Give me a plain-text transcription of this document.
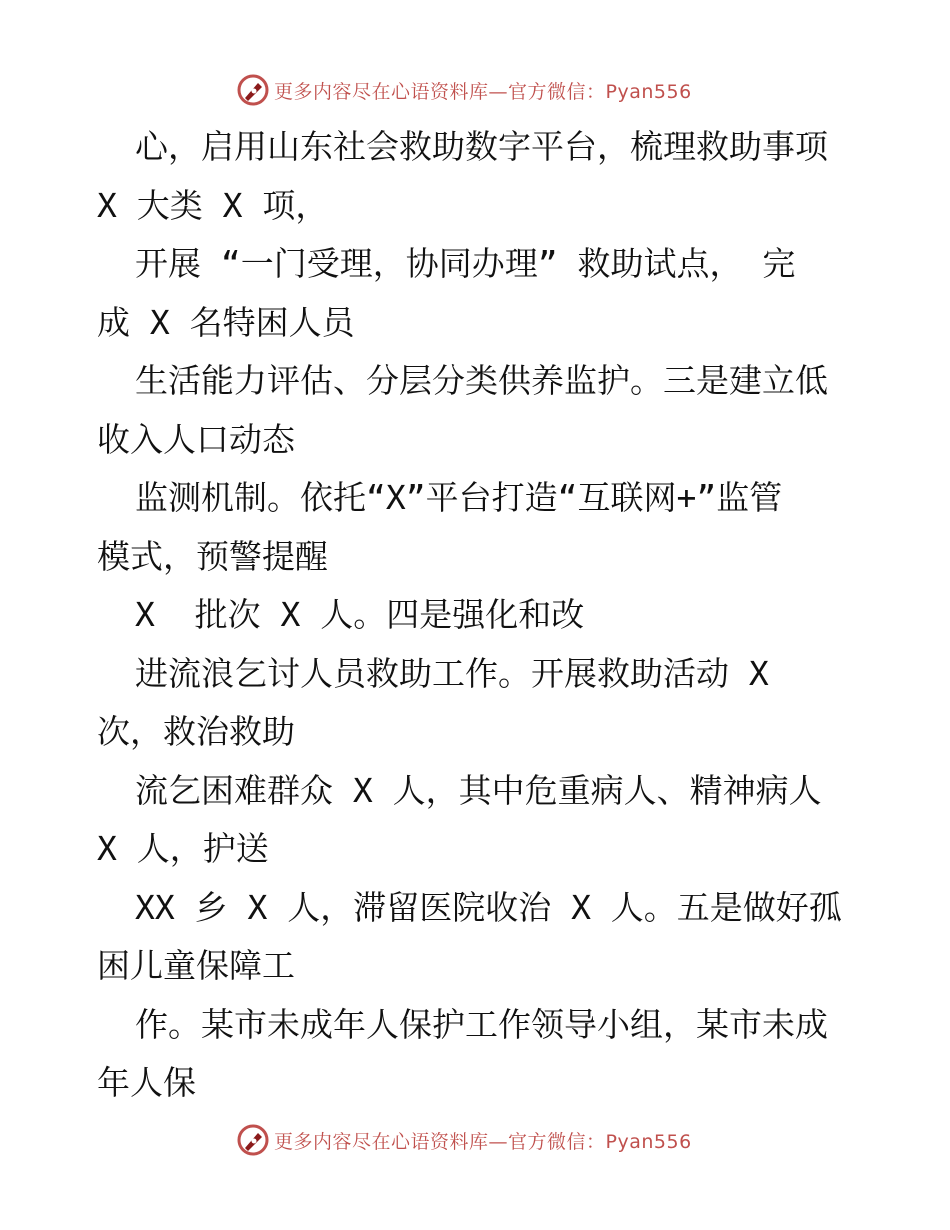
更多内容尽在心语资料库—官方微信：Pyan556
心，启用山东社会救助数字平台，梳理救助事项
X 大类 X 项，
开展 “一门受理，协同办理” 救助试点， 完
成 X 名特困人员
生活能力评估、分层分类供养监护。三是建立低
收入人口动态
监测机制。依托“X”平台打造“互联网+”监管
模式，预警提醒
X  批次 X 人。四是强化和改
进流浪乞讨人员救助工作。开展救助活动 X
次，救治救助
流乞困难群众 X 人，其中危重病人、精神病人
X 人，护送
XX 乡 X 人，滞留医院收治 X 人。五是做好孤
困儿童保障工
作。某市未成年人保护工作领导小组，某市未成
年人保
更多内容尽在心语资料库—官方微信：Pyan556
